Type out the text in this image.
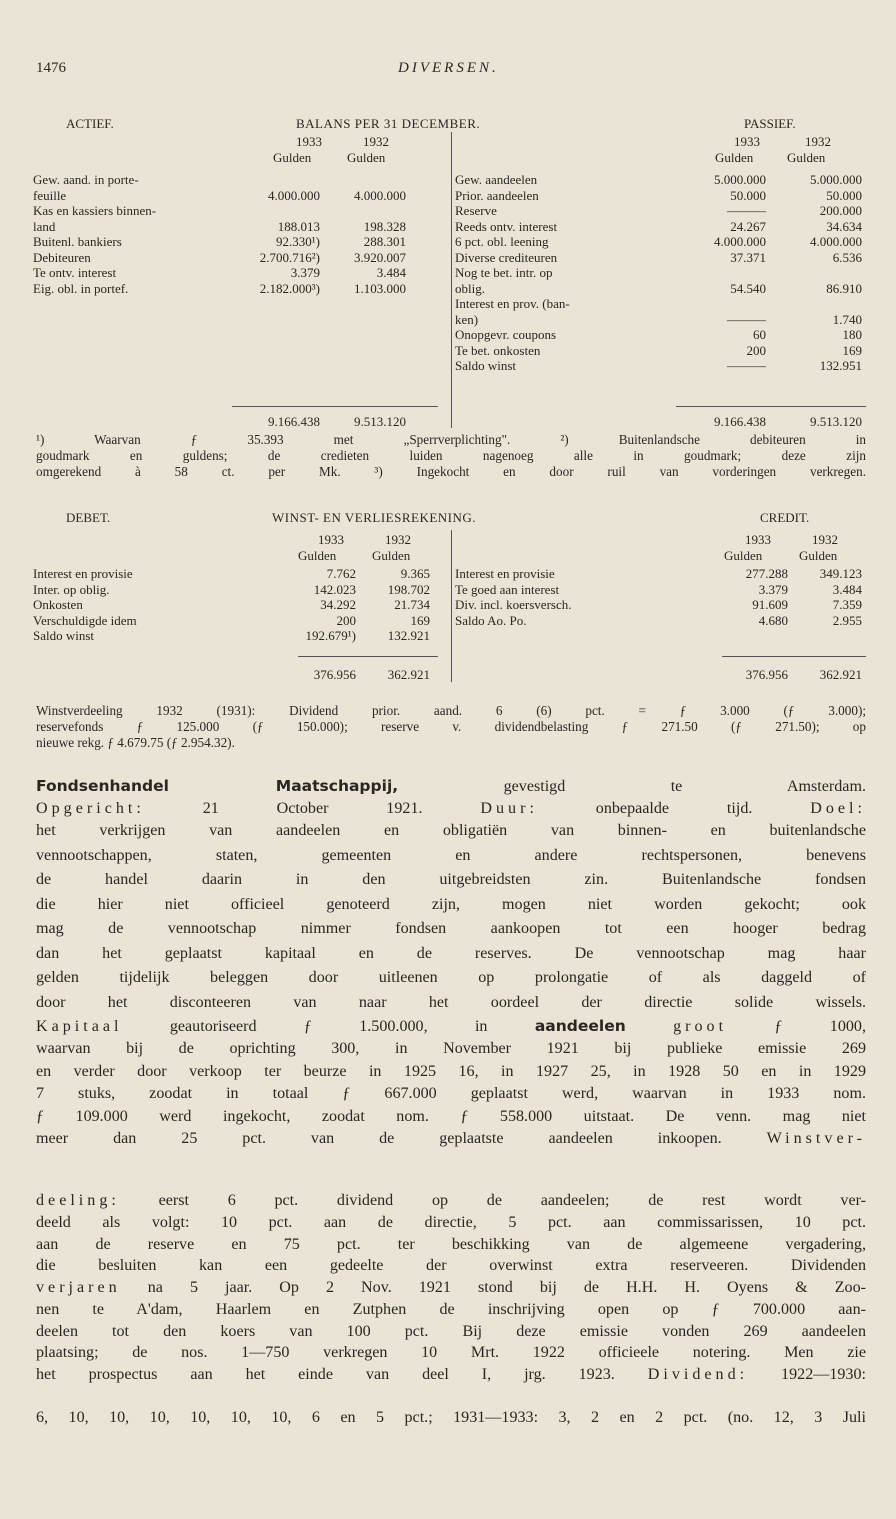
1476	DIVERSEN.
ACTIEF.	BALANS PER 31 DECEMBER.	PASSIEF.
1933	1932
Gulden	Gulden
1933	1932
Gulden	Gulden
Gew. aand. in porte-
feuille	4.000.000	4.000.000
Kas en kassiers binnen-
land	188.013	198.328
Buitenl. bankiers	92.330¹)	288.301
Debiteuren	2.700.716²)	3.920.007
Te ontv. interest	3.379	3.484
Eig. obl. in portef.	2.182.000³)	1.103.000
Gew. aandeelen	5.000.000	5.000.000
Prior. aandeelen	50.000	50.000
Reserve	———	200.000
Reeds ontv. interest	24.267	34.634
6 pct. obl. leening	4.000.000	4.000.000
Diverse crediteuren	37.371	6.536
Nog te bet. intr. op
oblig.	54.540	86.910
Interest en prov. (ban-
ken)	———	1.740
Onopgevr. coupons	60	180
Te bet. onkosten	200	169
Saldo winst	———	132.951
9.166.438	9.513.120	9.166.438	9.513.120
¹) Waarvan ƒ 35.393 met „Sperrverplichting". ²) Buitenlandsche debiteuren in
goudmark en guldens; de credieten luiden nagenoeg alle in goudmark; deze zijn
omgerekend à 58 ct. per Mk. ³) Ingekocht en door ruil van vorderingen verkregen.
DEBET.	WINST- EN VERLIESREKENING.	CREDIT.
1933	1932
Gulden	Gulden
1933	1932
Gulden	Gulden
Interest en provisie	7.762	9.365
Inter. op oblig.	142.023	198.702
Onkosten	34.292	21.734
Verschuldigde idem	200	169
Saldo winst	192.679¹)	132.921
Interest en provisie	277.288	349.123
Te goed aan interest	3.379	3.484
Div. incl. koersversch.	91.609	7.359
Saldo Ao. Po.	4.680	2.955
376.956	362.921	376.956	362.921
Winstverdeeling 1932 (1931): Dividend prior. aand. 6 (6) pct. = ƒ 3.000 (ƒ 3.000);
reservefonds ƒ 125.000 (ƒ 150.000); reserve v. dividendbelasting ƒ 271.50 (ƒ 271.50); op
nieuwe rekg. ƒ 4.679.75 (ƒ 2.954.32).
Fondsenhandel Maatschappij,	gevestigd te Amsterdam.
Opgericht:	21 October 1921.	Duur:	onbepaalde tijd.	Doel:
het verkrijgen van aandeelen en obligatiën van binnen- en buitenlandsche
vennootschappen, staten, gemeenten en andere rechtspersonen, benevens
de handel daarin in den uitgebreidsten zin. Buitenlandsche fondsen
die hier niet officieel genoteerd zijn, mogen niet worden gekocht; ook
mag de vennootschap nimmer fondsen aankoopen tot een hooger bedrag
dan het geplaatst kapitaal en de reserves. De vennootschap mag haar
gelden tijdelijk beleggen door uitleenen op prolongatie of als daggeld of
door het disconteeren van naar het oordeel der directie solide wissels.
Kapitaal	geautoriseerd ƒ 1.500.000, in	aandeelen	groot	ƒ 1000,
waarvan bij de oprichting 300, in November 1921 bij publieke emissie 269
en verder door verkoop ter beurze in 1925 16, in 1927 25, in 1928 50 en in 1929
7 stuks, zoodat in totaal ƒ 667.000 geplaatst werd, waarvan in 1933 nom.
ƒ 109.000 werd ingekocht, zoodat nom. ƒ 558.000 uitstaat. De venn. mag niet
meer dan 25 pct. van de geplaatste aandeelen inkoopen.	Winstver-
deeling: eerst 6 pct. dividend op de aandeelen; de rest wordt ver-
deeld als volgt: 10 pct. aan de directie, 5 pct. aan commissarissen, 10 pct.
aan de reserve en 75 pct. ter beschikking van de algemeene vergadering,
die besluiten kan een gedeelte der overwinst extra reserveeren. Dividenden
verjaren na 5 jaar. Op 2 Nov. 1921 stond bij de H.H. H. Oyens & Zoo-
nen te A'dam, Haarlem en Zutphen de inschrijving open op ƒ 700.000 aan-
deelen tot den koers van 100 pct. Bij deze emissie vonden 269 aandeelen
plaatsing; de nos. 1—750 verkregen 10 Mrt. 1922 officieele notering. Men zie
het prospectus aan het einde van deel I, jrg. 1923. Dividend: 1922—1930:
6, 10, 10, 10, 10, 10, 10, 6 en 5 pct.; 1931—1933: 3, 2 en 2 pct. (no. 12, 3 Juli
